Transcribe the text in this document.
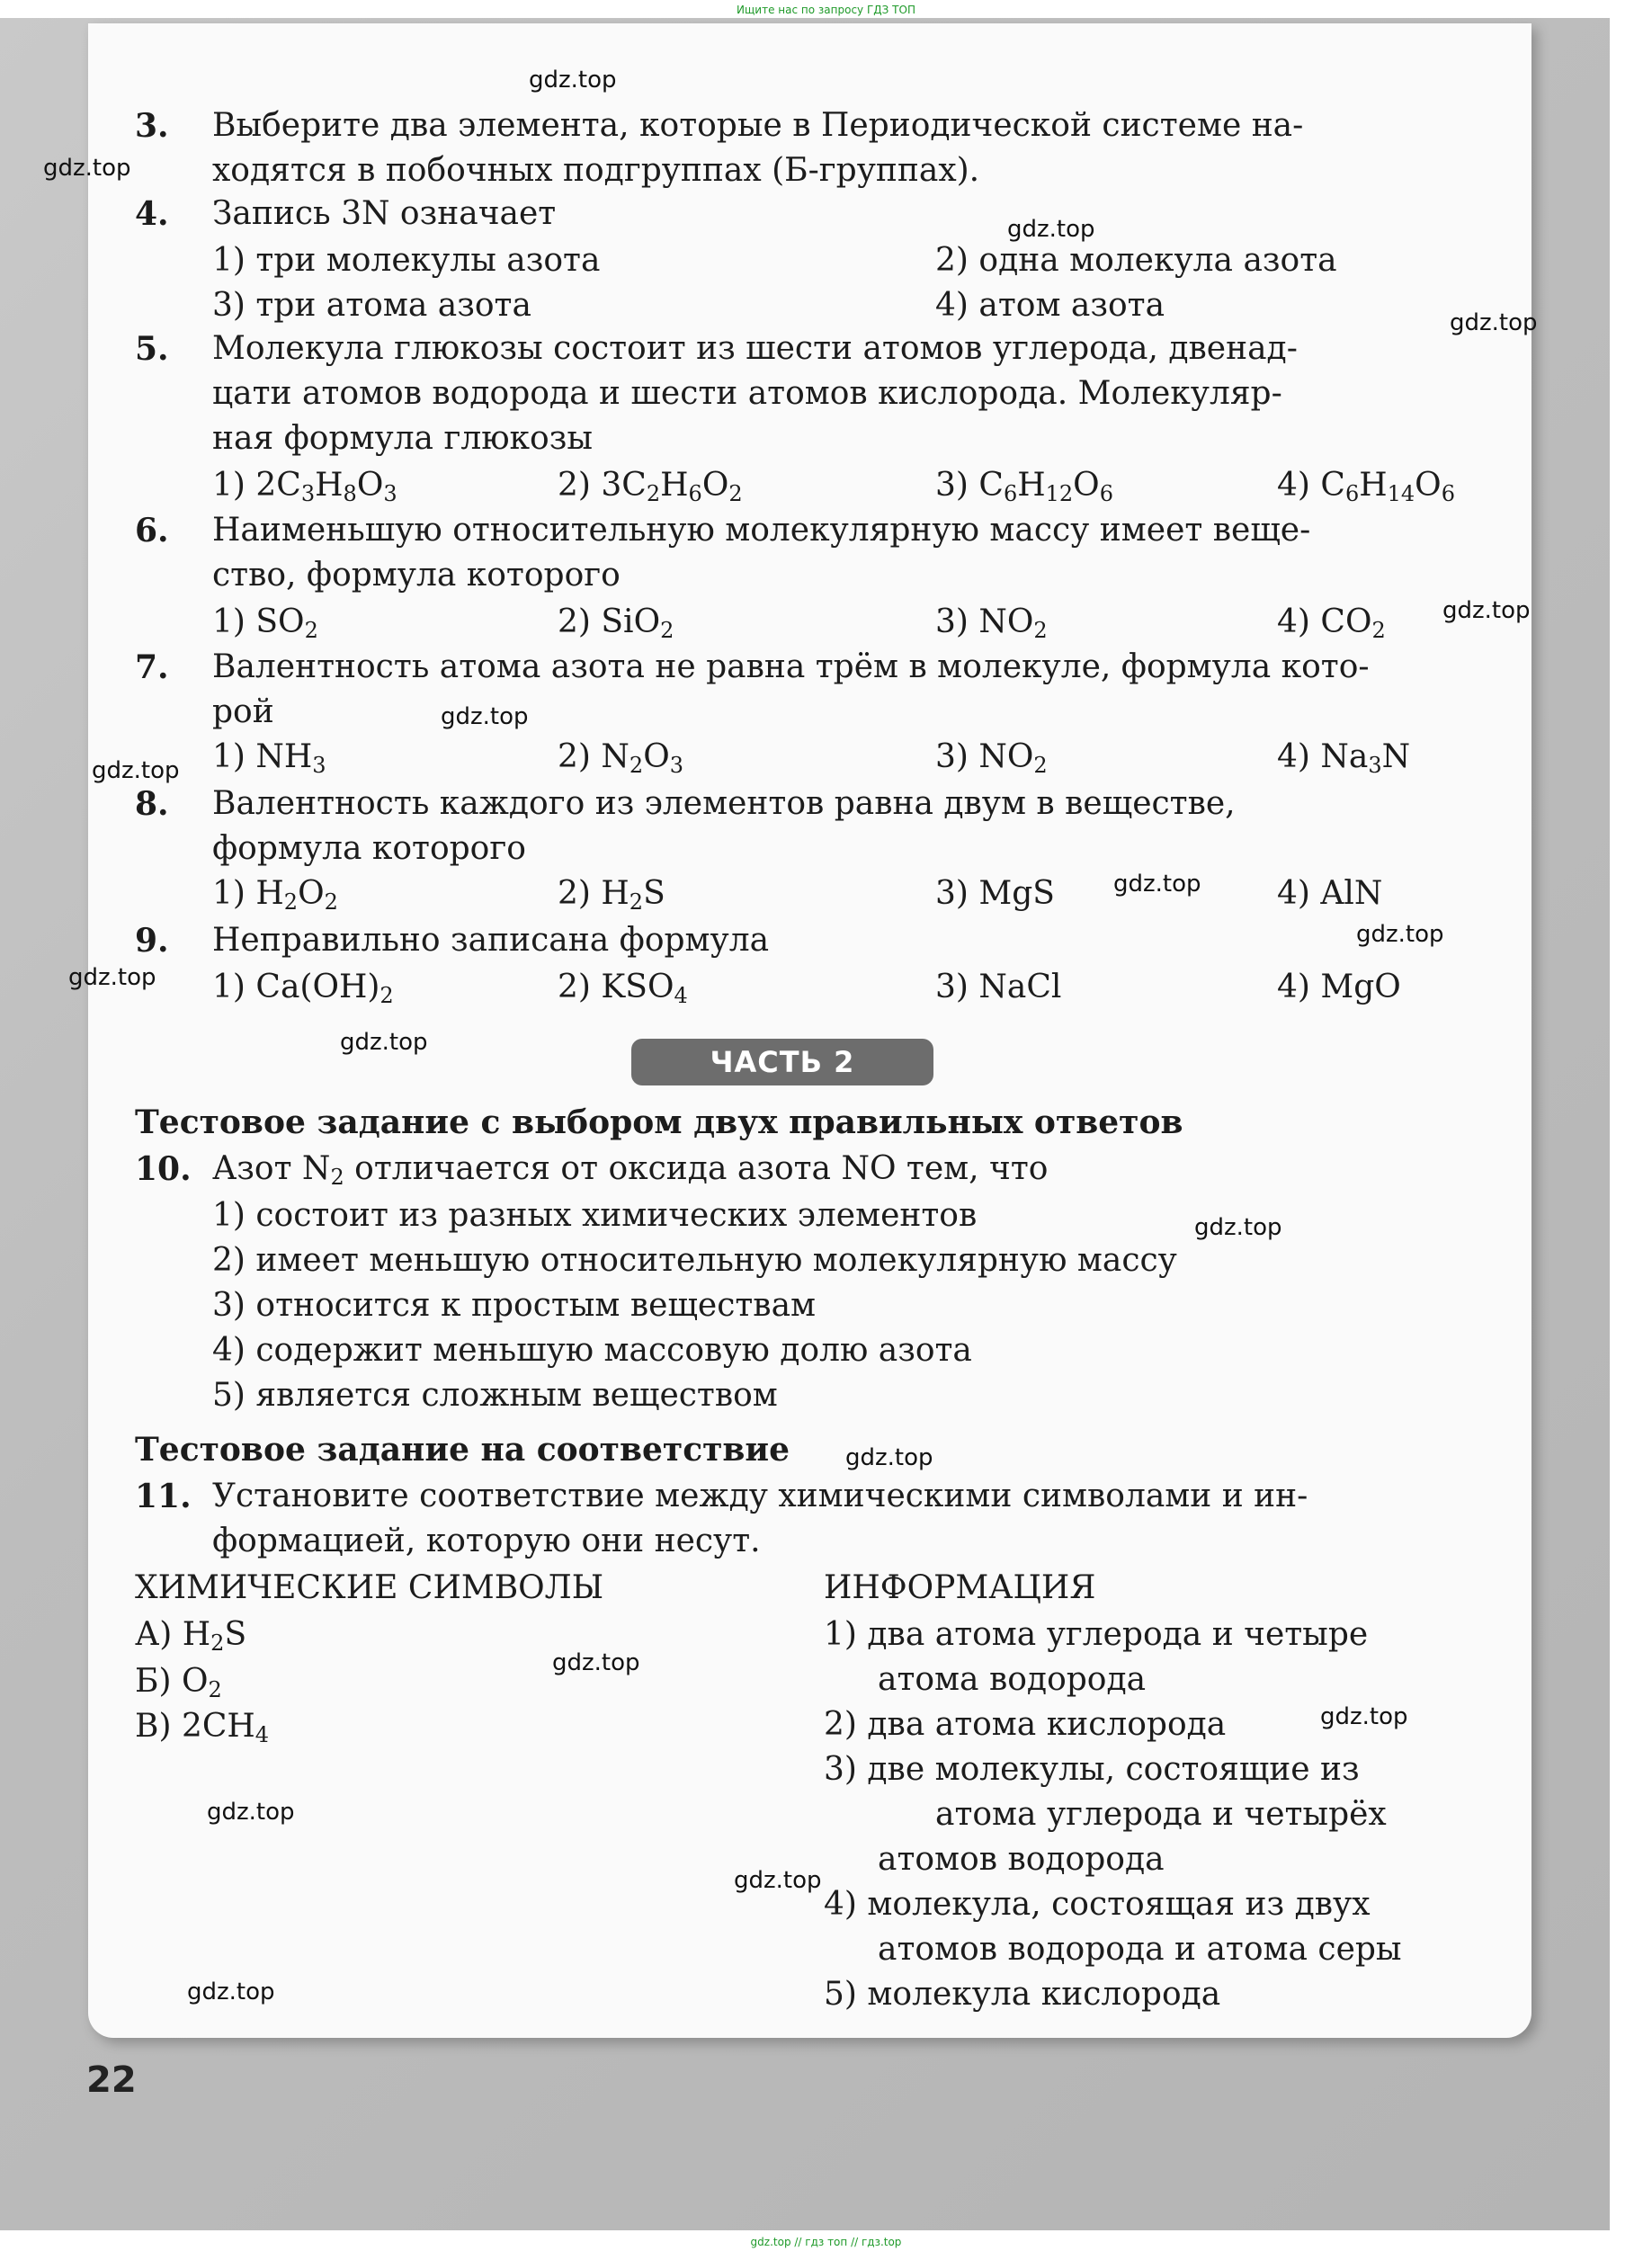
Ищите нас по запросу ГДЗ ТОП
3. Выберите два элемента, которые в Периодической системе на-
ходятся в побочных подгруппах (Б-группах).
4. Запись 3N означает
1) три молекулы азота	2) одна молекула азота
3) три атома азота	4) атом азота
5. Молекула глюкозы состоит из шести атомов углерода, двенад-
цати атомов водорода и шести атомов кислорода. Молекуляр-
ная формула глюкозы
1) $2C_3H_8O_3$	2) $3C_2H_6O_2$	3) $C_6H_{12}O_6$	4) $C_6H_{14}O_6$
6. Наименьшую относительную молекулярную массу имеет веще-
ство, формула которого
1) $SO_2$	2) SiO$_2$	3) $NO_2$	4) $CO_2$
7. Валентность атома азота не равна трём в молекуле, формула кото-
рой
1) $NH_3$	2) $N_2O_3$	3) $NO_2$	4) $Na_3N$
8. Валентность каждого из элементов равна двум в веществе,
формула которого
1) $H_2O_2$	2) $H_2S$	3) MgS	4) AlN
9. Неправильно записана формула
1) $Ca(OH)_2$	2) $KSO_4$	3) NaCl	4) MgO
ЧАСТЬ 2
Тестовое задание с выбором двух правильных ответов
10. Азот $N_2$ отличается от оксида азота NO тем, что
1) состоит из разных химических элементов
2) имеет меньшую относительную молекулярную массу
3) относится к простым веществам
4) содержит меньшую массовую долю азота
5) является сложным веществом
Тестовое задание на соответствие
11. Установите соответствие между химическими символами и ин-
формацией, которую они несут.
ХИМИЧЕСКИЕ СИМВОЛЫ	ИНФОРМАЦИЯ
А) $H_2S$
Б) $O_2$
В) $2CH_4$
1) два атома углерода и четыре
атома водорода
2) два атома кислорода
3) две молекулы, состоящие из
атома углерода и четырёх
атомов водорода
4) молекула, состоящая из двух
атомов водорода и атома серы
5) молекула кислорода
22
gdz.top
gdz.top
gdz.top
gdz.top
gdz.top
gdz.top
gdz.top
gdz.top
gdz.top
gdz.top
gdz.top
gdz.top
gdz.top
gdz.top
gdz.top
gdz.top
gdz.top
gdz.top
gdz.top // гдз топ // гдз.top
